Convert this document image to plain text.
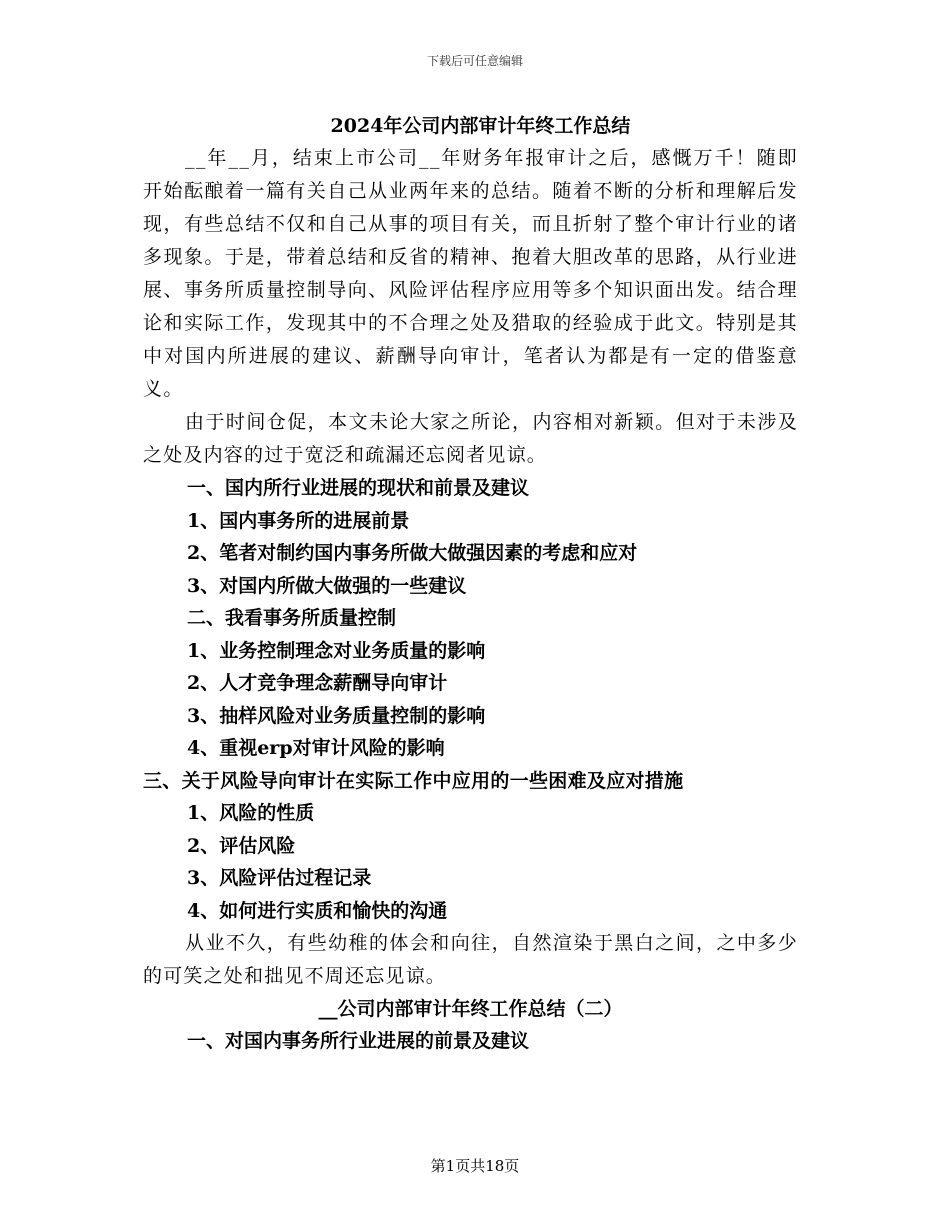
下载后可任意编辑

2024年公司内部审计年终工作总结

__年__月，结束上市公司__年财务年报审计之后，感慨万千！随即开始酝酿着一篇有关自己从业两年来的总结。随着不断的分析和理解后发现，有些总结不仅和自己从事的项目有关，而且折射了整个审计行业的诸多现象。于是，带着总结和反省的精神、抱着大胆改革的思路，从行业进展、事务所质量控制导向、风险评估程序应用等多个知识面出发。结合理论和实际工作，发现其中的不合理之处及猎取的经验成于此文。特别是其中对国内所进展的建议、薪酬导向审计，笔者认为都是有一定的借鉴意义。

由于时间仓促，本文未论大家之所论，内容相对新颖。但对于未涉及之处及内容的过于宽泛和疏漏还忘阅者见谅。

一、国内所行业进展的现状和前景及建议

1、国内事务所的进展前景

2、笔者对制约国内事务所做大做强因素的考虑和应对

3、对国内所做大做强的一些建议

二、我看事务所质量控制

1、业务控制理念对业务质量的影响

2、人才竞争理念薪酬导向审计

3、抽样风险对业务质量控制的影响

4、重视erp对审计风险的影响

三、关于风险导向审计在实际工作中应用的一些困难及应对措施

1、风险的性质

2、评估风险

3、风险评估过程记录

4、如何进行实质和愉快的沟通

从业不久，有些幼稚的体会和向往，自然渲染于黑白之间，之中多少的可笑之处和拙见不周还忘见谅。

__公司内部审计年终工作总结（二）

一、对国内事务所行业进展的前景及建议

第1页共18页
